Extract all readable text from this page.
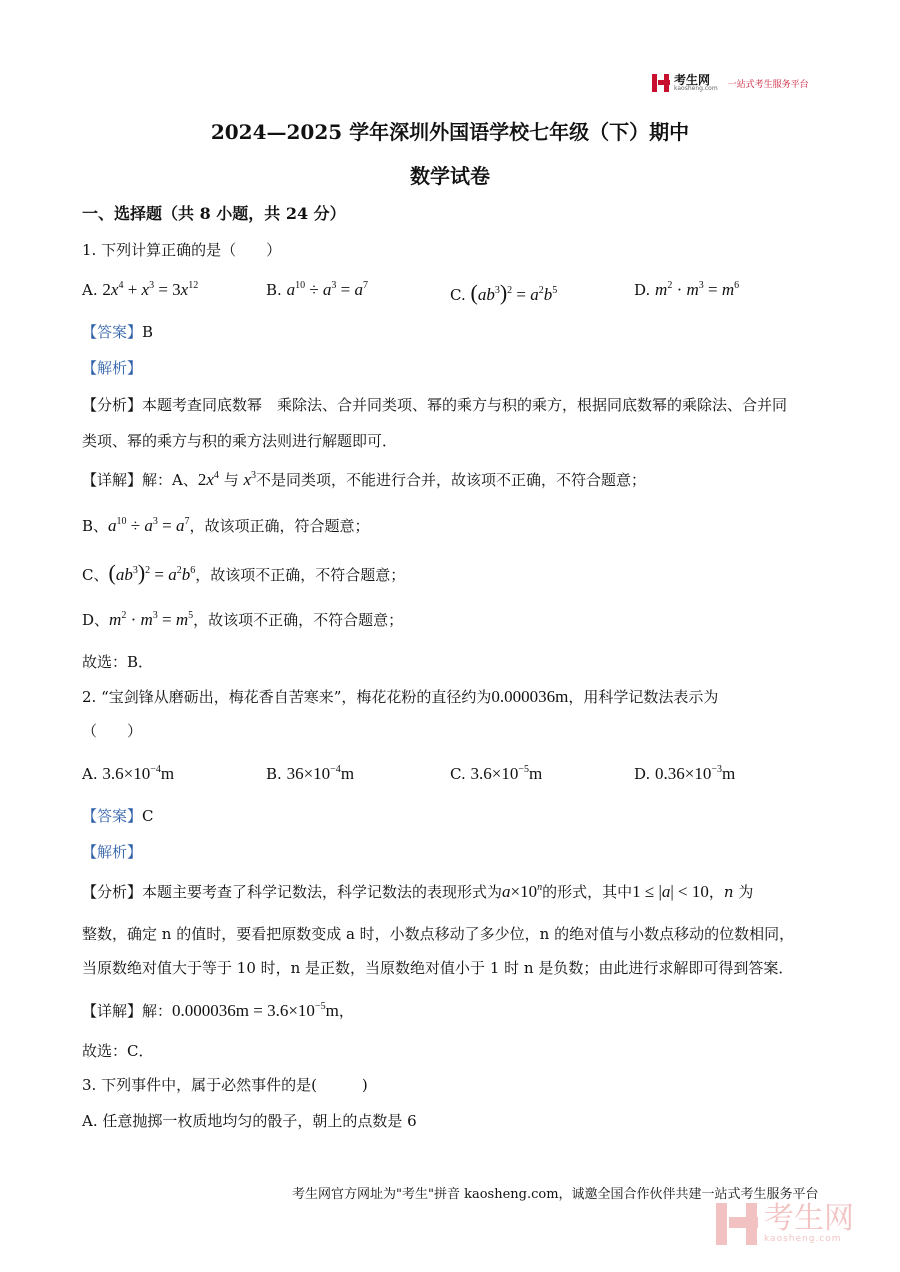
考生网
kaosheng.com 一站式考生服务平台
2024—2025 学年深圳外国语学校七年级（下）期中
数学试卷
一、选择题（共 8 小题，共 24 分）
1. 下列计算正确的是（　　）
A. $2x^4 + x^3 = 3x^{12}$	B. $a^{10} \div a^3 = a^7$
C. $(ab^3)^2 = a^2b^5$	D. $m^2 \cdot m^3 = m^6$
【答案】B
【解析】
【分析】本题考查同底数幂　乘除法、合并同类项、幂的乘方与积的乘方，根据同底数幂的乘除法、合并同
类项、幂的乘方与积的乘方法则进行解题即可．
【详解】解：A、$2x^4$ 与 $x^3$不是同类项，不能进行合并，故该项不正确，不符合题意；
B、$a^{10} \div a^3 = a^7$，故该项正确，符合题意；
C、$(ab^3)^2 = a^2b^6$，故该项不正确，不符合题意；
D、$m^2 \cdot m^3 = m^5$，故该项不正确，不符合题意；
故选：B．
2. “宝剑锋从磨砺出，梅花香自苦寒来”，梅花花粉的直径约为0.000036m，用科学记数法表示为
（　　）
A. $3.6\times 10^{-4}m$	B. $36\times 10^{-4}m$	C. $3.6\times 10^{-5}m$	D. $0.36\times 10^{-3}m$
【答案】C
【解析】
【分析】本题主要考查了科学记数法，科学记数法的表现形式为$a\times 10^n$的形式，其中1 ≤ |a| < 10，n 为
整数，确定 n 的值时，要看把原数变成 a 时，小数点移动了多少位，n 的绝对值与小数点移动的位数相同，
当原数绝对值大于等于 10 时，n 是正数，当原数绝对值小于 1 时 n 是负数；由此进行求解即可得到答案．
【详解】解：$0.000036m = 3.6\times 10^{-5}m$，
故选：C．
3. 下列事件中，属于必然事件的是(　　　)
A. 任意抛掷一枚质地均匀的骰子，朝上的点数是 6
考生网官方网址为"考生"拼音 kaosheng.com，诚邀全国合作伙伴共建一站式考生服务平台
考生网
kaosheng.com
